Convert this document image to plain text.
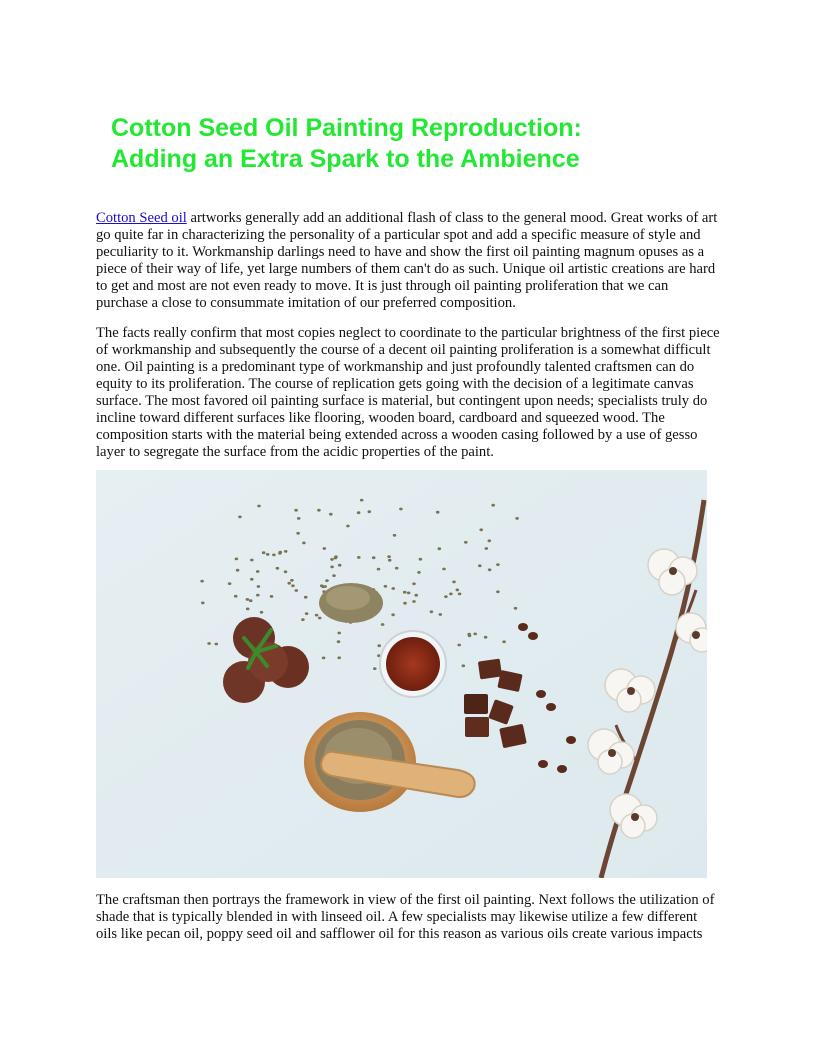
Cotton Seed Oil Painting Reproduction:
Adding an Extra Spark to the Ambience

Cotton Seed oil artworks generally add an additional flash of class to the general mood. Great works of art go quite far in characterizing the personality of a particular spot and add a specific measure of style and peculiarity to it. Workmanship darlings need to have and show the first oil painting magnum opuses as a piece of their way of life, yet large numbers of them can't do as such. Unique oil artistic creations are hard to get and most are not even ready to move. It is just through oil painting proliferation that we can purchase a close to consummate imitation of our preferred composition.

The facts really confirm that most copies neglect to coordinate to the particular brightness of the first piece of workmanship and subsequently the course of a decent oil painting proliferation is a somewhat difficult one. Oil painting is a predominant type of workmanship and just profoundly talented craftsmen can do equity to its proliferation. The course of replication gets going with the decision of a legitimate canvas surface. The most favored oil painting surface is material, but contingent upon needs; specialists truly do incline toward different surfaces like flooring, wooden board, cardboard and squeezed wood. The composition starts with the material being extended across a wooden casing followed by a use of gesso layer to segregate the surface from the acidic properties of the paint.

The craftsman then portrays the framework in view of the first oil painting. Next follows the utilization of shade that is typically blended in with linseed oil. A few specialists may likewise utilize a few different oils like pecan oil, poppy seed oil and safflower oil for this reason as various oils create various impacts
